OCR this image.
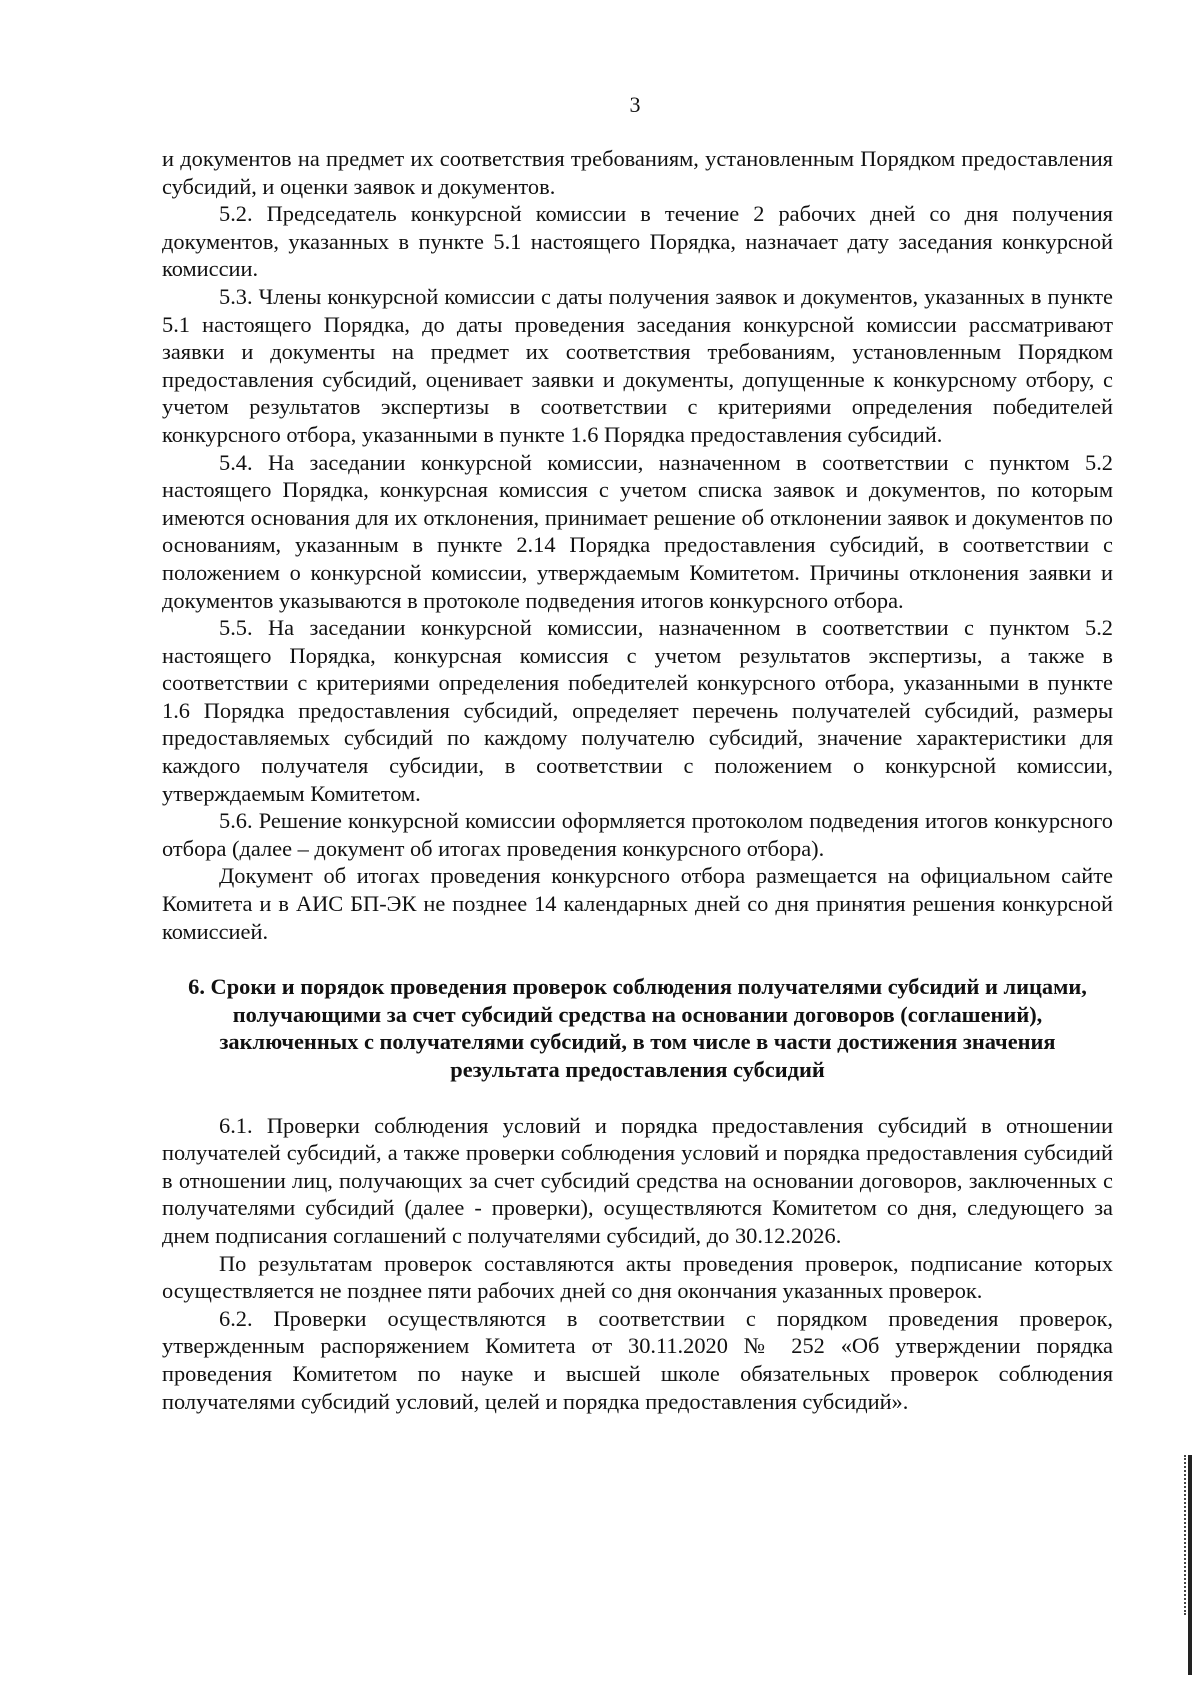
3

и документов на предмет их соответствия требованиям, установленным Порядком предоставления субсидий, и оценки заявок и документов.

5.2. Председатель конкурсной комиссии в течение 2 рабочих дней со дня получения документов, указанных в пункте 5.1 настоящего Порядка, назначает дату заседания конкурсной комиссии.

5.3. Члены конкурсной комиссии с даты получения заявок и документов, указанных в пункте 5.1 настоящего Порядка, до даты проведения заседания конкурсной комиссии рассматривают заявки и документы на предмет их соответствия требованиям, установленным Порядком предоставления субсидий, оценивает заявки и документы, допущенные к конкурсному отбору, с учетом результатов экспертизы в соответствии с критериями определения победителей конкурсного отбора, указанными в пункте 1.6 Порядка предоставления субсидий.

5.4. На заседании конкурсной комиссии, назначенном в соответствии с пунктом 5.2 настоящего Порядка, конкурсная комиссия с учетом списка заявок и документов, по которым имеются основания для их отклонения, принимает решение об отклонении заявок и документов по основаниям, указанным в пункте 2.14 Порядка предоставления субсидий, в соответствии с положением о конкурсной комиссии, утверждаемым Комитетом. Причины отклонения заявки и документов указываются в протоколе подведения итогов конкурсного отбора.

5.5. На заседании конкурсной комиссии, назначенном в соответствии с пунктом 5.2 настоящего Порядка, конкурсная комиссия с учетом результатов экспертизы, а также в соответствии с критериями определения победителей конкурсного отбора, указанными в пункте 1.6 Порядка предоставления субсидий, определяет перечень получателей субсидий, размеры предоставляемых субсидий по каждому получателю субсидий, значение характеристики для каждого получателя субсидии, в соответствии с положением о конкурсной комиссии, утверждаемым Комитетом.

5.6. Решение конкурсной комиссии оформляется протоколом подведения итогов конкурсного отбора (далее – документ об итогах проведения конкурсного отбора).

Документ об итогах проведения конкурсного отбора размещается на официальном сайте Комитета и в АИС БП-ЭК не позднее 14 календарных дней со дня принятия решения конкурсной комиссией.

6. Сроки и порядок проведения проверок соблюдения получателями субсидий и лицами, получающими за счет субсидий средства на основании договоров (соглашений), заключенных с получателями субсидий, в том числе в части достижения значения результата предоставления субсидий

6.1. Проверки соблюдения условий и порядка предоставления субсидий в отношении получателей субсидий, а также проверки соблюдения условий и порядка предоставления субсидий в отношении лиц, получающих за счет субсидий средства на основании договоров, заключенных с получателями субсидий (далее - проверки), осуществляются Комитетом со дня, следующего за днем подписания соглашений с получателями субсидий, до 30.12.2026.

По результатам проверок составляются акты проведения проверок, подписание которых осуществляется не позднее пяти рабочих дней со дня окончания указанных проверок.

6.2. Проверки осуществляются в соответствии с порядком проведения проверок, утвержденным распоряжением Комитета от 30.11.2020 № 252 «Об утверждении порядка проведения Комитетом по науке и высшей школе обязательных проверок соблюдения получателями субсидий условий, целей и порядка предоставления субсидий».
